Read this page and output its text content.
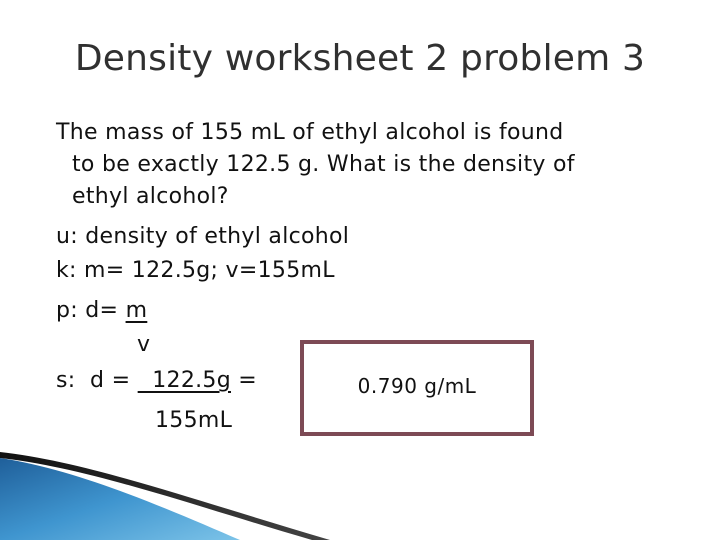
Density worksheet 2 problem 3
The mass of 155 mL of ethyl alcohol is found
to be exactly 122.5 g. What is the density of
ethyl alcohol?
u: density of ethyl alcohol
k: m= 122.5g; v=155mL
p: d= m
v
s:  d =   122.5g =
155mL
0.790 g/mL
